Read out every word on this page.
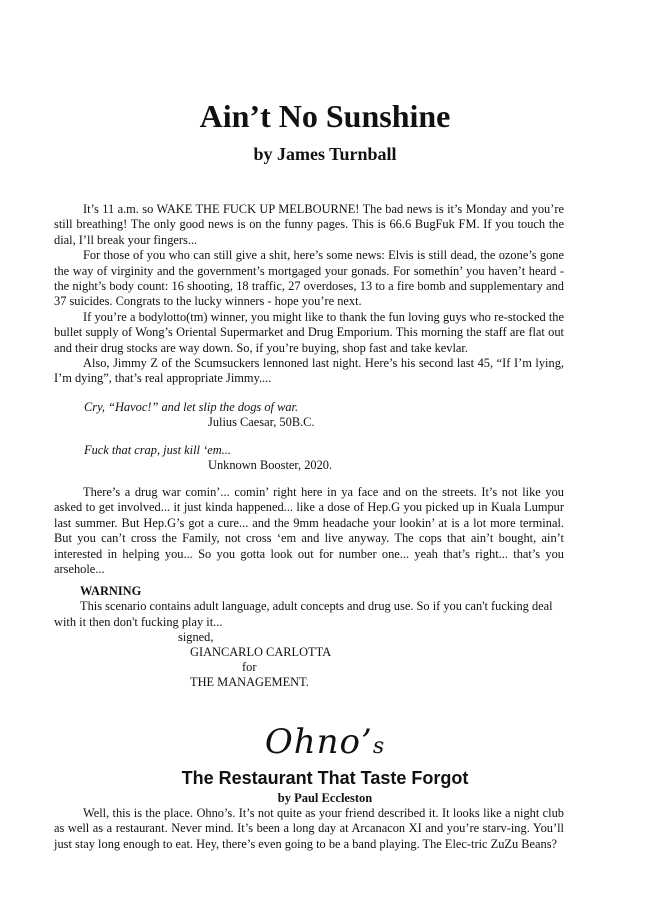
Ain’t No Sunshine
by James Turnball

It’s 11 a.m. so WAKE THE FUCK UP MELBOURNE! The bad news is it’s Monday and you’re still breathing! The only good news is on the funny pages. This is 66.6 BugFuk FM. If you touch the dial, I’ll break your fingers...

For those of you who can still give a shit, here’s some news: Elvis is still dead, the ozone’s gone the way of virginity and the government’s mortgaged your gonads. For somethin’ you haven’t heard - the night’s body count: 16 shooting, 18 traffic, 27 overdoses, 13 to a fire bomb and supplementary and 37 suicides. Congrats to the lucky winners - hope you’re next.

If you’re a bodylotto(tm) winner, you might like to thank the fun loving guys who re-stocked the bullet supply of Wong’s Oriental Supermarket and Drug Emporium. This morning the staff are flat out and their drug stocks are way down. So, if you’re buying, shop fast and take kevlar.

Also, Jimmy Z of the Scumsuckers lennoned last night. Here’s his second last 45, “If I’m lying, I’m dying”, that’s real appropriate Jimmy....

Cry, “Havoc!” and let slip the dogs of war.
Julius Caesar, 50B.C.
Fuck that crap, just kill ‘em...
Unknown Booster, 2020.

There’s a drug war comin’... comin’ right here in ya face and on the streets. It’s not like you asked to get involved... it just kinda happened... like a dose of Hep.G you picked up in Kuala Lumpur last summer. But Hep.G’s got a cure... and the 9mm headache your lookin’ at is a lot more terminal. But you can’t cross the Family, not cross ‘em and live anyway. The cops that ain’t bought, ain’t interested in helping you... So you gotta look out for number one... yeah that’s right... that’s you arsehole...

WARNING
This scenario contains adult language, adult concepts and drug use. So if you can't fucking deal with it then don't fucking play it...
signed,
GIANCARLO CARLOTTA
for
THE MANAGEMENT.
Ohno’s
The Restaurant That Taste Forgot
by Paul Eccleston

Well, this is the place. Ohno’s. It’s not quite as your friend described it. It looks like a night club as well as a restaurant. Never mind. It’s been a long day at Arcanacon XI and you’re starv-ing. You’ll just stay long enough to eat. Hey, there’s even going to be a band playing. The Elec-tric ZuZu Beans?
